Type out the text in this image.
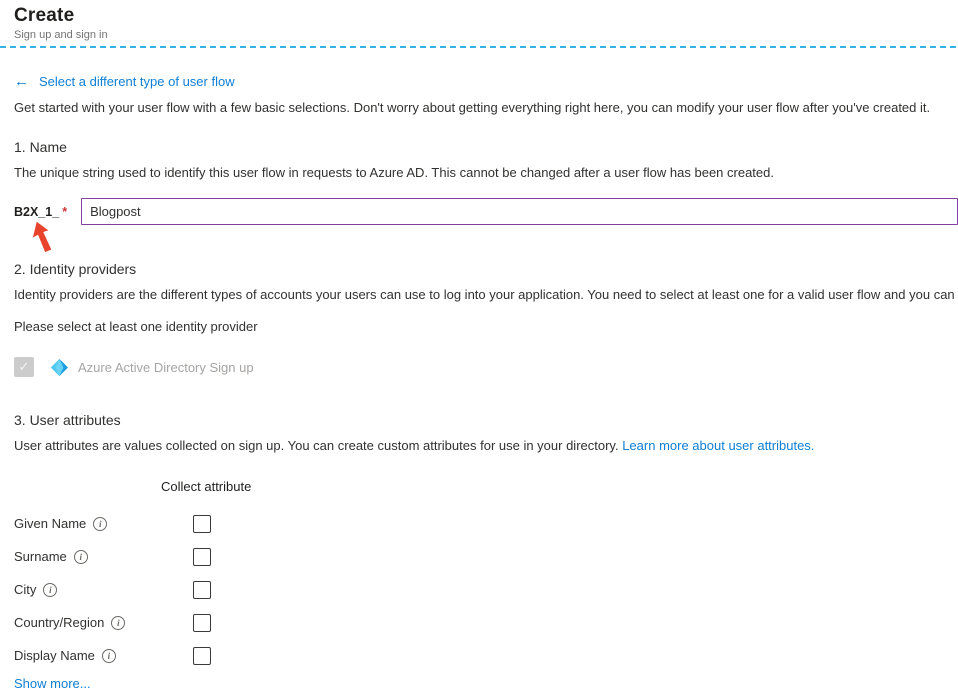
Create
Sign up and sign in
← Select a different type of user flow
Get started with your user flow with a few basic selections. Don't worry about getting everything right here, you can modify your user flow after you've created it.
1. Name
The unique string used to identify this user flow in requests to Azure AD. This cannot be changed after a user flow has been created.
B2X_1_ *
Blogpost
2. Identity providers
Identity providers are the different types of accounts your users can use to log into your application. You need to select at least one for a valid user flow and you can
Please select at least one identity provider
✓	Azure Active Directory Sign up
3. User attributes
User attributes are values collected on sign up. You can create custom attributes for use in your directory. Learn more about user attributes.
Collect attribute
Given Name	i
Surname	i
City	i
Country/Region	i
Display Name	i
Show more...
